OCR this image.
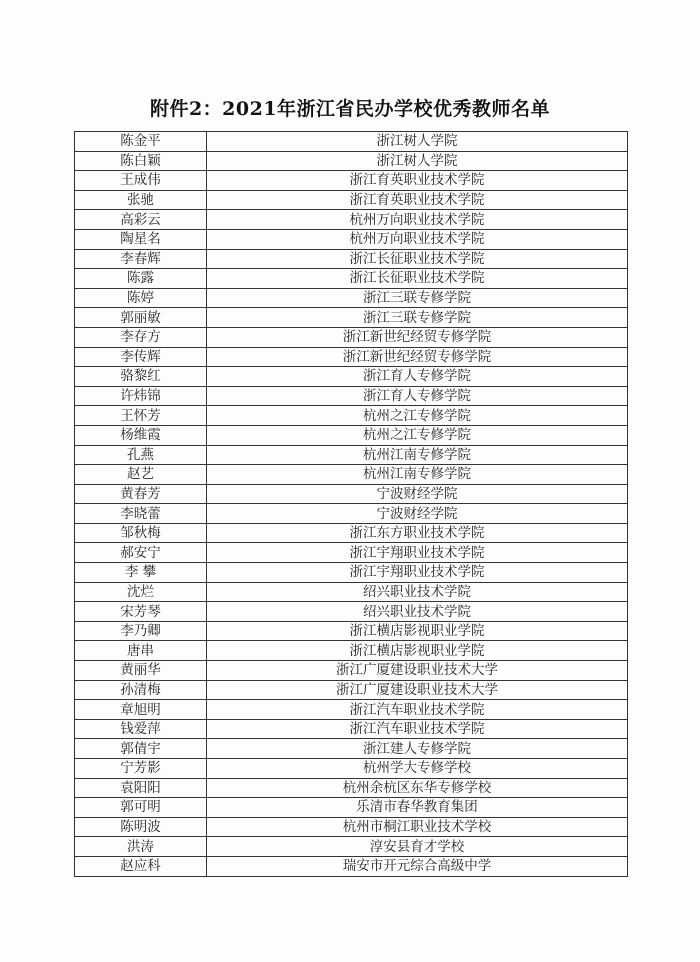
附件2：2021年浙江省民办学校优秀教师名单
陈金平	浙江树人学院
陈白颖	浙江树人学院
王成伟	浙江育英职业技术学院
张驰	浙江育英职业技术学院
高彩云	杭州万向职业技术学院
陶星名	杭州万向职业技术学院
李春辉	浙江长征职业技术学院
陈露	浙江长征职业技术学院
陈婷	浙江三联专修学院
郭丽敏	浙江三联专修学院
李存方	浙江新世纪经贸专修学院
李传辉	浙江新世纪经贸专修学院
骆黎红	浙江育人专修学院
许炜锦	浙江育人专修学院
王怀芳	杭州之江专修学院
杨维霞	杭州之江专修学院
孔燕	杭州江南专修学院
赵艺	杭州江南专修学院
黄春芳	宁波财经学院
李晓蕾	宁波财经学院
邹秋梅	浙江东方职业技术学院
郝安宁	浙江宇翔职业技术学院
李 攀	浙江宇翔职业技术学院
沈烂	绍兴职业技术学院
宋芳琴	绍兴职业技术学院
李乃卿	浙江横店影视职业学院
唐串	浙江横店影视职业学院
黄丽华	浙江广厦建设职业技术大学
孙清梅	浙江广厦建设职业技术大学
章旭明	浙江汽车职业技术学院
钱爱萍	浙江汽车职业技术学院
郭倩宇	浙江建人专修学院
宁芳影	杭州学大专修学校
袁阳阳	杭州余杭区东华专修学校
郭可明	乐清市春华教育集团
陈明波	杭州市桐江职业技术学校
洪涛	淳安县育才学校
赵应科	瑞安市开元综合高级中学
